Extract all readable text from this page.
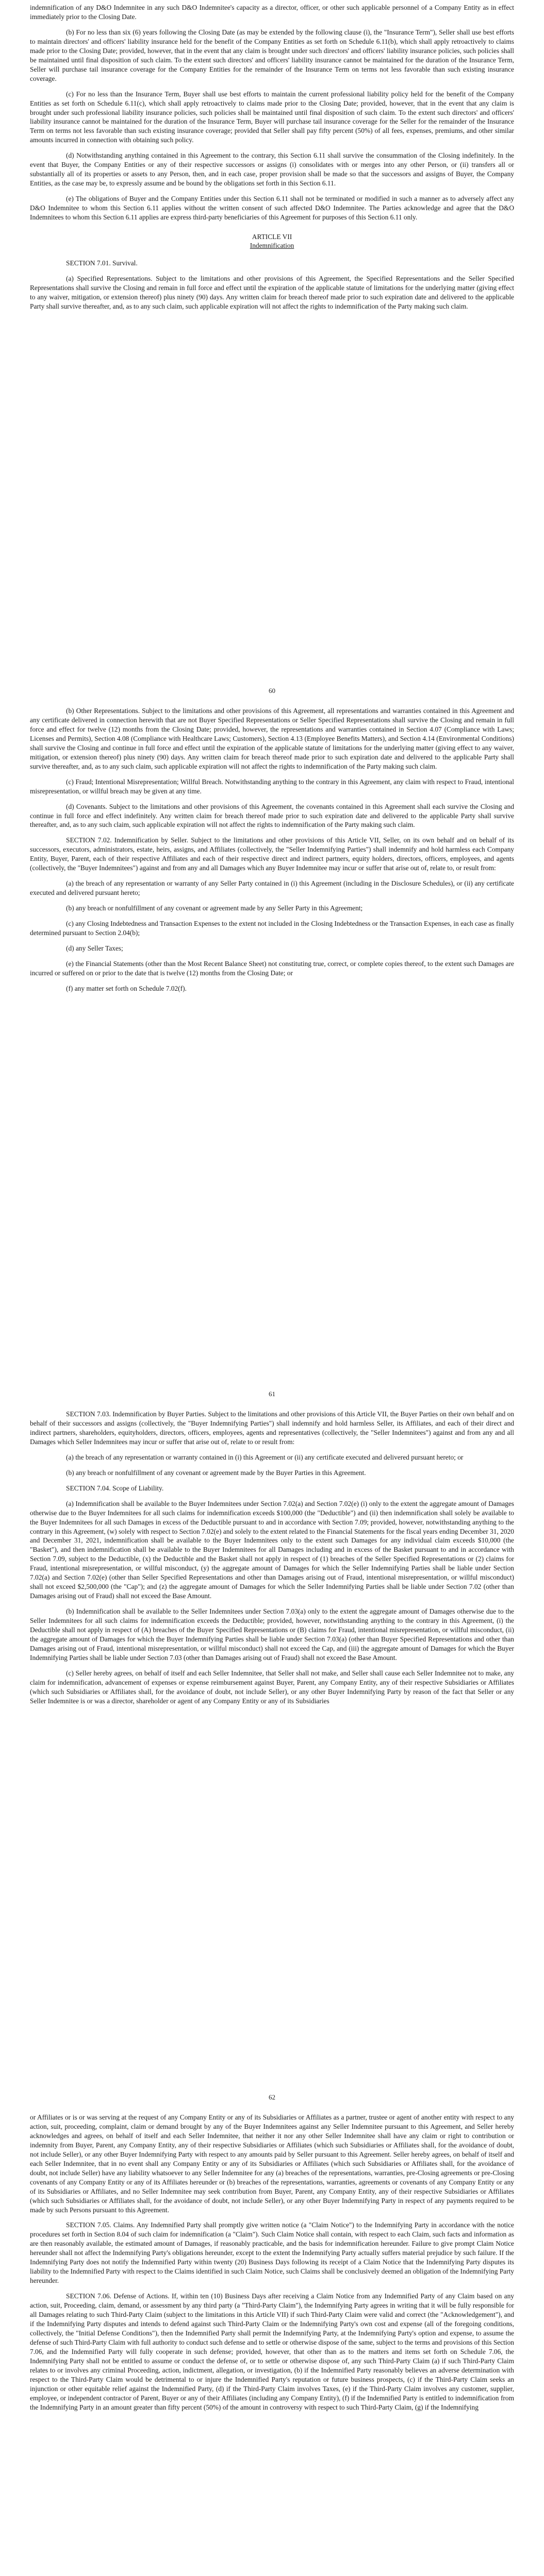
indemnification of any D&O Indemnitee in any such D&O Indemnitee's capacity as a director, officer, or other such applicable personnel of a Company Entity as in effect immediately prior to the Closing Date.

(b) For no less than six (6) years following the Closing Date (as may be extended by the following clause (i), the "Insurance Term"), Seller shall use best efforts to maintain directors' and officers' liability insurance held for the benefit of the Company Entities as set forth on Schedule 6.11(b), which shall apply retroactively to claims made prior to the Closing Date; provided, however, that in the event that any claim is brought under such directors' and officers' liability insurance policies, such policies shall be maintained until final disposition of such claim. To the extent such directors' and officers' liability insurance cannot be maintained for the duration of the Insurance Term, Seller will purchase tail insurance coverage for the Company Entities for the remainder of the Insurance Term on terms not less favorable than such existing insurance coverage.

(c) For no less than the Insurance Term, Buyer shall use best efforts to maintain the current professional liability policy held for the benefit of the Company Entities as set forth on Schedule 6.11(c), which shall apply retroactively to claims made prior to the Closing Date; provided, however, that in the event that any claim is brought under such professional liability insurance policies, such policies shall be maintained until final disposition of such claim. To the extent such directors' and officers' liability insurance cannot be maintained for the duration of the Insurance Term, Buyer will purchase tail insurance coverage for the Seller for the remainder of the Insurance Term on terms not less favorable than such existing insurance coverage; provided that Seller shall pay fifty percent (50%) of all fees, expenses, premiums, and other similar amounts incurred in connection with obtaining such policy.

(d) Notwithstanding anything contained in this Agreement to the contrary, this Section 6.11 shall survive the consummation of the Closing indefinitely. In the event that Buyer, the Company Entities or any of their respective successors or assigns (i) consolidates with or merges into any other Person, or (ii) transfers all or substantially all of its properties or assets to any Person, then, and in each case, proper provision shall be made so that the successors and assigns of Buyer, the Company Entities, as the case may be, to expressly assume and be bound by the obligations set forth in this Section 6.11.

(e) The obligations of Buyer and the Company Entities under this Section 6.11 shall not be terminated or modified in such a manner as to adversely affect any D&O Indemnitee to whom this Section 6.11 applies without the written consent of such affected D&O Indemnitee. The Parties acknowledge and agree that the D&O Indemnitees to whom this Section 6.11 applies are express third-party beneficiaries of this Agreement for purposes of this Section 6.11 only.

ARTICLE VII
Indemnification

SECTION 7.01. Survival.

(a) Specified Representations. Subject to the limitations and other provisions of this Agreement, the Specified Representations and the Seller Specified Representations shall survive the Closing and remain in full force and effect until the expiration of the applicable statute of limitations for the underlying matter (giving effect to any waiver, mitigation, or extension thereof) plus ninety (90) days. Any written claim for breach thereof made prior to such expiration date and delivered to the applicable Party shall survive thereafter, and, as to any such claim, such applicable expiration will not affect the rights to indemnification of the Party making such claim.

60

(b) Other Representations. Subject to the limitations and other provisions of this Agreement, all representations and warranties contained in this Agreement and any certificate delivered in connection herewith that are not Buyer Specified Representations or Seller Specified Representations shall survive the Closing and remain in full force and effect for twelve (12) months from the Closing Date; provided, however, the representations and warranties contained in Section 4.07 (Compliance with Laws; Licenses and Permits), Section 4.08 (Compliance with Healthcare Laws; Customers), Section 4.13 (Employee Benefits Matters), and Section 4.14 (Environmental Conditions) shall survive the Closing and continue in full force and effect until the expiration of the applicable statute of limitations for the underlying matter (giving effect to any waiver, mitigation, or extension thereof) plus ninety (90) days. Any written claim for breach thereof made prior to such expiration date and delivered to the applicable Party shall survive thereafter, and, as to any such claim, such applicable expiration will not affect the rights to indemnification of the Party making such claim.

(c) Fraud; Intentional Misrepresentation; Willful Breach. Notwithstanding anything to the contrary in this Agreement, any claim with respect to Fraud, intentional misrepresentation, or willful breach may be given at any time.

(d) Covenants. Subject to the limitations and other provisions of this Agreement, the covenants contained in this Agreement shall each survive the Closing and continue in full force and effect indefinitely. Any written claim for breach thereof made prior to such expiration date and delivered to the applicable Party shall survive thereafter, and, as to any such claim, such applicable expiration will not affect the rights to indemnification of the Party making such claim.

SECTION 7.02. Indemnification by Seller. Subject to the limitations and other provisions of this Article VII, Seller, on its own behalf and on behalf of its successors, executors, administrators, estate, heirs, assigns, and Affiliates (collectively, the "Seller Indemnifying Parties") shall indemnify and hold harmless each Company Entity, Buyer, Parent, each of their respective Affiliates and each of their respective direct and indirect partners, equity holders, directors, officers, employees, and agents (collectively, the "Buyer Indemnitees") against and from any and all Damages which any Buyer Indemnitee may incur or suffer that arise out of, relate to, or result from:

(a) the breach of any representation or warranty of any Seller Party contained in (i) this Agreement (including in the Disclosure Schedules), or (ii) any certificate executed and delivered pursuant hereto;

(b) any breach or nonfulfillment of any covenant or agreement made by any Seller Party in this Agreement;

(c) any Closing Indebtedness and Transaction Expenses to the extent not included in the Closing Indebtedness or the Transaction Expenses, in each case as finally determined pursuant to Section 2.04(b);

(d) any Seller Taxes;

(e) the Financial Statements (other than the Most Recent Balance Sheet) not constituting true, correct, or complete copies thereof, to the extent such Damages are incurred or suffered on or prior to the date that is twelve (12) months from the Closing Date; or

(f) any matter set forth on Schedule 7.02(f).

61

SECTION 7.03. Indemnification by Buyer Parties. Subject to the limitations and other provisions of this Article VII, the Buyer Parties on their own behalf and on behalf of their successors and assigns (collectively, the "Buyer Indemnifying Parties") shall indemnify and hold harmless Seller, its Affiliates, and each of their direct and indirect partners, shareholders, equityholders, directors, officers, employees, agents and representatives (collectively, the "Seller Indemnitees") against and from any and all Damages which Seller Indemnitees may incur or suffer that arise out of, relate to or result from:

(a) the breach of any representation or warranty contained in (i) this Agreement or (ii) any certificate executed and delivered pursuant hereto; or

(b) any breach or nonfulfillment of any covenant or agreement made by the Buyer Parties in this Agreement.

SECTION 7.04. Scope of Liability.

(a) Indemnification shall be available to the Buyer Indemnitees under Section 7.02(a) and Section 7.02(e) (i) only to the extent the aggregate amount of Damages otherwise due to the Buyer Indemnitees for all such claims for indemnification exceeds $100,000 (the "Deductible") and (ii) then indemnification shall solely be available to the Buyer Indemnitees for all such Damages in excess of the Deductible pursuant to and in accordance with Section 7.09; provided, however, notwithstanding anything to the contrary in this Agreement, (w) solely with respect to Section 7.02(e) and solely to the extent related to the Financial Statements for the fiscal years ending December 31, 2020 and December 31, 2021, indemnification shall be available to the Buyer Indemnitees only to the extent such Damages for any individual claim exceeds $10,000 (the "Basket"), and then indemnification shall be available to the Buyer Indemnitees for all Damages including and in excess of the Basket pursuant to and in accordance with Section 7.09, subject to the Deductible, (x) the Deductible and the Basket shall not apply in respect of (1) breaches of the Seller Specified Representations or (2) claims for Fraud, intentional misrepresentation, or willful misconduct, (y) the aggregate amount of Damages for which the Seller Indemnifying Parties shall be liable under Section 7.02(a) and Section 7.02(e) (other than Seller Specified Representations and other than Damages arising out of Fraud, intentional misrepresentation, or willful misconduct) shall not exceed $2,500,000 (the "Cap"); and (z) the aggregate amount of Damages for which the Seller Indemnifying Parties shall be liable under Section 7.02 (other than Damages arising out of Fraud) shall not exceed the Base Amount.

(b) Indemnification shall be available to the Seller Indemnitees under Section 7.03(a) only to the extent the aggregate amount of Damages otherwise due to the Seller Indemnitees for all such claims for indemnification exceeds the Deductible; provided, however, notwithstanding anything to the contrary in this Agreement, (i) the Deductible shall not apply in respect of (A) breaches of the Buyer Specified Representations or (B) claims for Fraud, intentional misrepresentation, or willful misconduct, (ii) the aggregate amount of Damages for which the Buyer Indemnifying Parties shall be liable under Section 7.03(a) (other than Buyer Specified Representations and other than Damages arising out of Fraud, intentional misrepresentation, or willful misconduct) shall not exceed the Cap, and (iii) the aggregate amount of Damages for which the Buyer Indemnifying Parties shall be liable under Section 7.03 (other than Damages arising out of Fraud) shall not exceed the Base Amount.

(c) Seller hereby agrees, on behalf of itself and each Seller Indemnitee, that Seller shall not make, and Seller shall cause each Seller Indemnitee not to make, any claim for indemnification, advancement of expenses or expense reimbursement against Buyer, Parent, any Company Entity, any of their respective Subsidiaries or Affiliates (which such Subsidiaries or Affiliates shall, for the avoidance of doubt, not include Seller), or any other Buyer Indemnifying Party by reason of the fact that Seller or any Seller Indemnitee is or was a director, shareholder or agent of any Company Entity or any of its Subsidiaries

62

or Affiliates or is or was serving at the request of any Company Entity or any of its Subsidiaries or Affiliates as a partner, trustee or agent of another entity with respect to any action, suit, proceeding, complaint, claim or demand brought by any of the Buyer Indemnitees against any Seller Indemnitee pursuant to this Agreement, and Seller hereby acknowledges and agrees, on behalf of itself and each Seller Indemnitee, that neither it nor any other Seller Indemnitee shall have any claim or right to contribution or indemnity from Buyer, Parent, any Company Entity, any of their respective Subsidiaries or Affiliates (which such Subsidiaries or Affiliates shall, for the avoidance of doubt, not include Seller), or any other Buyer Indemnifying Party with respect to any amounts paid by Seller pursuant to this Agreement. Seller hereby agrees, on behalf of itself and each Seller Indemnitee, that in no event shall any Company Entity or any of its Subsidiaries or Affiliates (which such Subsidiaries or Affiliates shall, for the avoidance of doubt, not include Seller) have any liability whatsoever to any Seller Indemnitee for any (a) breaches of the representations, warranties, pre-Closing agreements or pre-Closing covenants of any Company Entity or any of its Affiliates hereunder or (b) breaches of the representations, warranties, agreements or covenants of any Company Entity or any of its Subsidiaries or Affiliates, and no Seller Indemnitee may seek contribution from Buyer, Parent, any Company Entity, any of their respective Subsidiaries or Affiliates (which such Subsidiaries or Affiliates shall, for the avoidance of doubt, not include Seller), or any other Buyer Indemnifying Party in respect of any payments required to be made by such Persons pursuant to this Agreement.

SECTION 7.05. Claims. Any Indemnified Party shall promptly give written notice (a "Claim Notice") to the Indemnifying Party in accordance with the notice procedures set forth in Section 8.04 of such claim for indemnification (a "Claim"). Such Claim Notice shall contain, with respect to each Claim, such facts and information as are then reasonably available, the estimated amount of Damages, if reasonably practicable, and the basis for indemnification hereunder. Failure to give prompt Claim Notice hereunder shall not affect the Indemnifying Party's obligations hereunder, except to the extent the Indemnifying Party actually suffers material prejudice by such failure. If the Indemnifying Party does not notify the Indemnified Party within twenty (20) Business Days following its receipt of a Claim Notice that the Indemnifying Party disputes its liability to the Indemnified Party with respect to the Claims identified in such Claim Notice, such Claims shall be conclusively deemed an obligation of the Indemnifying Party hereunder.

SECTION 7.06. Defense of Actions. If, within ten (10) Business Days after receiving a Claim Notice from any Indemnified Party of any Claim based on any action, suit, Proceeding, claim, demand, or assessment by any third party (a "Third-Party Claim"), the Indemnifying Party agrees in writing that it will be fully responsible for all Damages relating to such Third-Party Claim (subject to the limitations in this Article VII) if such Third-Party Claim were valid and correct (the "Acknowledgement"), and if the Indemnifying Party disputes and intends to defend against such Third-Party Claim or the Indemnifying Party's own cost and expense (all of the foregoing conditions, collectively, the "Initial Defense Conditions"), then the Indemnified Party shall permit the Indemnifying Party, at the Indemnifying Party's option and expense, to assume the defense of such Third-Party Claim with full authority to conduct such defense and to settle or otherwise dispose of the same, subject to the terms and provisions of this Section 7.06, and the Indemnified Party will fully cooperate in such defense; provided, however, that other than as to the matters and items set forth on Schedule 7.06, the Indemnifying Party shall not be entitled to assume or conduct the defense of, or to settle or otherwise dispose of, any such Third-Party Claim (a) if such Third-Party Claim relates to or involves any criminal Proceeding, action, indictment, allegation, or investigation, (b) if the Indemnified Party reasonably believes an adverse determination with respect to the Third-Party Claim would be detrimental to or injure the Indemnified Party's reputation or future business prospects, (c) if the Third-Party Claim seeks an injunction or other equitable relief against the Indemnified Party, (d) if the Third-Party Claim involves Taxes, (e) if the Third-Party Claim involves any customer, supplier, employee, or independent contractor of Parent, Buyer or any of their Affiliates (including any Company Entity), (f) if the Indemnified Party is entitled to indemnification from the Indemnifying Party in an amount greater than fifty percent (50%) of the amount in controversy with respect to such Third-Party Claim, (g) if the Indemnifying
